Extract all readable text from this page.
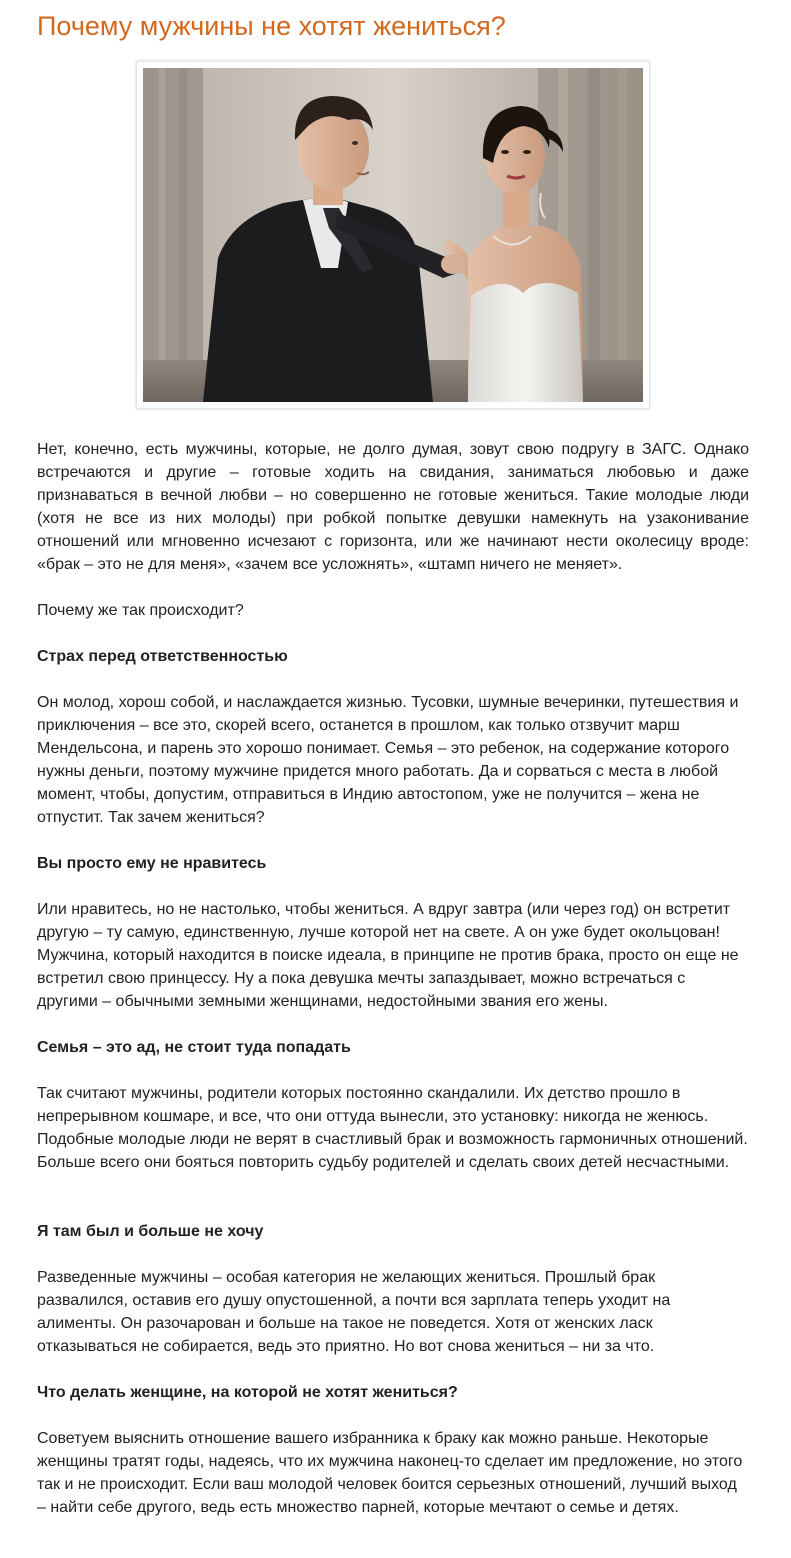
Почему мужчины не хотят жениться?

Нет, конечно, есть мужчины, которые, не долго думая, зовут свою подругу в ЗАГС. Однако встречаются и другие – готовые ходить на свидания, заниматься любовью и даже признаваться в вечной любви – но совершенно не готовые жениться. Такие молодые люди (хотя не все из них молоды) при робкой попытке девушки намекнуть на узаконивание отношений или мгновенно исчезают с горизонта, или же начинают нести околесицу вроде: «брак – это не для меня», «зачем все усложнять», «штамп ничего не меняет».

Почему же так происходит?

Страх перед ответственностью

Он молод, хорош собой, и наслаждается жизнью. Тусовки, шумные вечеринки, путешествия и приключения – все это, скорей всего, останется в прошлом, как только отзвучит марш Мендельсона, и парень это хорошо понимает. Семья – это ребенок, на содержание которого нужны деньги, поэтому мужчине придется много работать. Да и сорваться с места в любой момент, чтобы, допустим, отправиться в Индию автостопом, уже не получится – жена не отпустит. Так зачем жениться?

Вы просто ему не нравитесь

Или нравитесь, но не настолько, чтобы жениться. А вдруг завтра (или через год) он встретит другую – ту самую, единственную, лучше которой нет на свете. А он уже будет окольцован! Мужчина, который находится в поиске идеала, в принципе не против брака, просто он еще не встретил свою принцессу. Ну а пока девушка мечты запаздывает, можно встречаться с другими – обычными земными женщинами, недостойными звания его жены.

Семья – это ад, не стоит туда попадать

Так считают мужчины, родители которых постоянно скандалили. Их детство прошло в непрерывном кошмаре, и все, что они оттуда вынесли, это установку: никогда не женюсь. Подобные молодые люди не верят в счастливый брак и возможность гармоничных отношений. Больше всего они бояться повторить судьбу родителей и сделать своих детей несчастными.

Я там был и больше не хочу

Разведенные мужчины – особая категория не желающих жениться. Прошлый брак развалился, оставив его душу опустошенной, а почти вся зарплата теперь уходит на алименты. Он разочарован и больше на такое не поведется. Хотя от женских ласк отказываться не собирается, ведь это приятно. Но вот снова жениться – ни за что.

Что делать женщине, на которой не хотят жениться?

Советуем выяснить отношение вашего избранника к браку как можно раньше. Некоторые женщины тратят годы, надеясь, что их мужчина наконец-то сделает им предложение, но этого так и не происходит. Если ваш молодой человек боится серьезных отношений, лучший выход – найти себе другого, ведь есть множество парней, которые мечтают о семье и детях.
